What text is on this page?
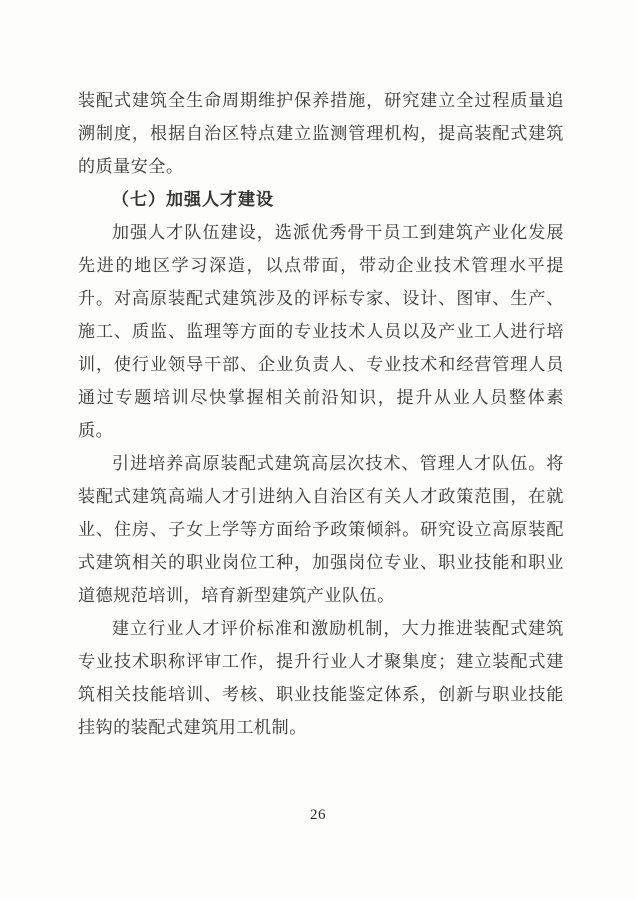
装配式建筑全生命周期维护保养措施，研究建立全过程质量追溯制度，根据自治区特点建立监测管理机构，提高装配式建筑的质量安全。

（七）加强人才建设

加强人才队伍建设，选派优秀骨干员工到建筑产业化发展先进的地区学习深造，以点带面，带动企业技术管理水平提升。对高原装配式建筑涉及的评标专家、设计、图审、生产、施工、质监、监理等方面的专业技术人员以及产业工人进行培训，使行业领导干部、企业负责人、专业技术和经营管理人员通过专题培训尽快掌握相关前沿知识，提升从业人员整体素质。

引进培养高原装配式建筑高层次技术、管理人才队伍。将装配式建筑高端人才引进纳入自治区有关人才政策范围，在就业、住房、子女上学等方面给予政策倾斜。研究设立高原装配式建筑相关的职业岗位工种，加强岗位专业、职业技能和职业道德规范培训，培育新型建筑产业队伍。

建立行业人才评价标准和激励机制，大力推进装配式建筑专业技术职称评审工作，提升行业人才聚集度；建立装配式建筑相关技能培训、考核、职业技能鉴定体系，创新与职业技能挂钩的装配式建筑用工机制。

26
